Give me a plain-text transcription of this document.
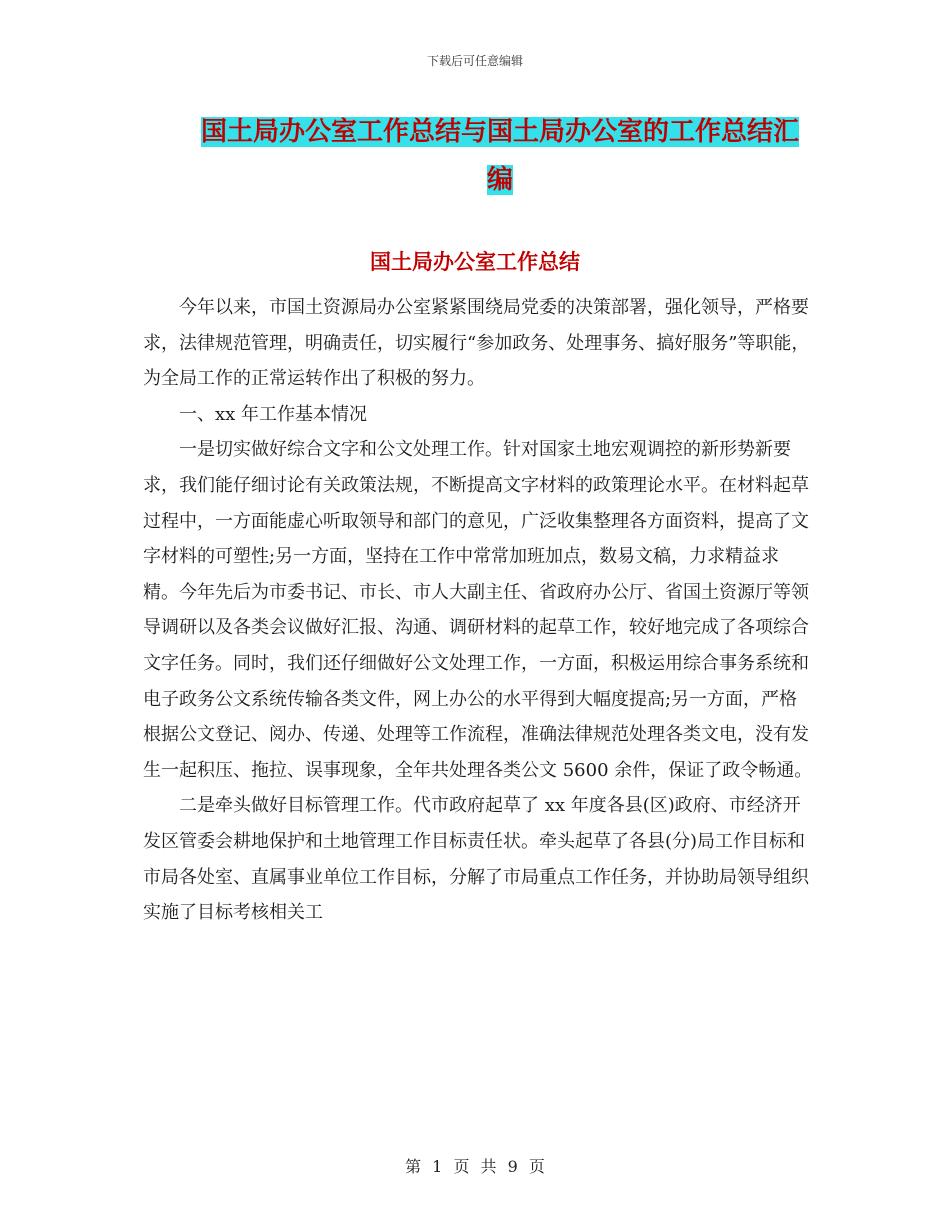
下载后可任意编辑
国土局办公室工作总结与国土局办公室的工作总结汇编
国土局办公室工作总结

今年以来，市国土资源局办公室紧紧围绕局党委的决策部署，强化领导，严格要求，法律规范管理，明确责任，切实履行“参加政务、处理事务、搞好服务”等职能，为全局工作的正常运转作出了积极的努力。

一、xx 年工作基本情况

一是切实做好综合文字和公文处理工作。针对国家土地宏观调控的新形势新要求，我们能仔细讨论有关政策法规，不断提高文字材料的政策理论水平。在材料起草过程中，一方面能虚心听取领导和部门的意见，广泛收集整理各方面资料，提高了文字材料的可塑性;另一方面，坚持在工作中常常加班加点，数易文稿，力求精益求精。今年先后为市委书记、市长、市人大副主任、省政府办公厅、省国土资源厅等领导调研以及各类会议做好汇报、沟通、调研材料的起草工作，较好地完成了各项综合文字任务。同时，我们还仔细做好公文处理工作，一方面，积极运用综合事务系统和电子政务公文系统传输各类文件，网上办公的水平得到大幅度提高;另一方面，严格根据公文登记、阅办、传递、处理等工作流程，准确法律规范处理各类文电，没有发生一起积压、拖拉、误事现象，全年共处理各类公文 5600 余件，保证了政令畅通。

二是牵头做好目标管理工作。代市政府起草了 xx 年度各县(区)政府、市经济开发区管委会耕地保护和土地管理工作目标责任状。牵头起草了各县(分)局工作目标和市局各处室、直属事业单位工作目标，分解了市局重点工作任务，并协助局领导组织实施了目标考核相关工

第 1 页 共 9 页
